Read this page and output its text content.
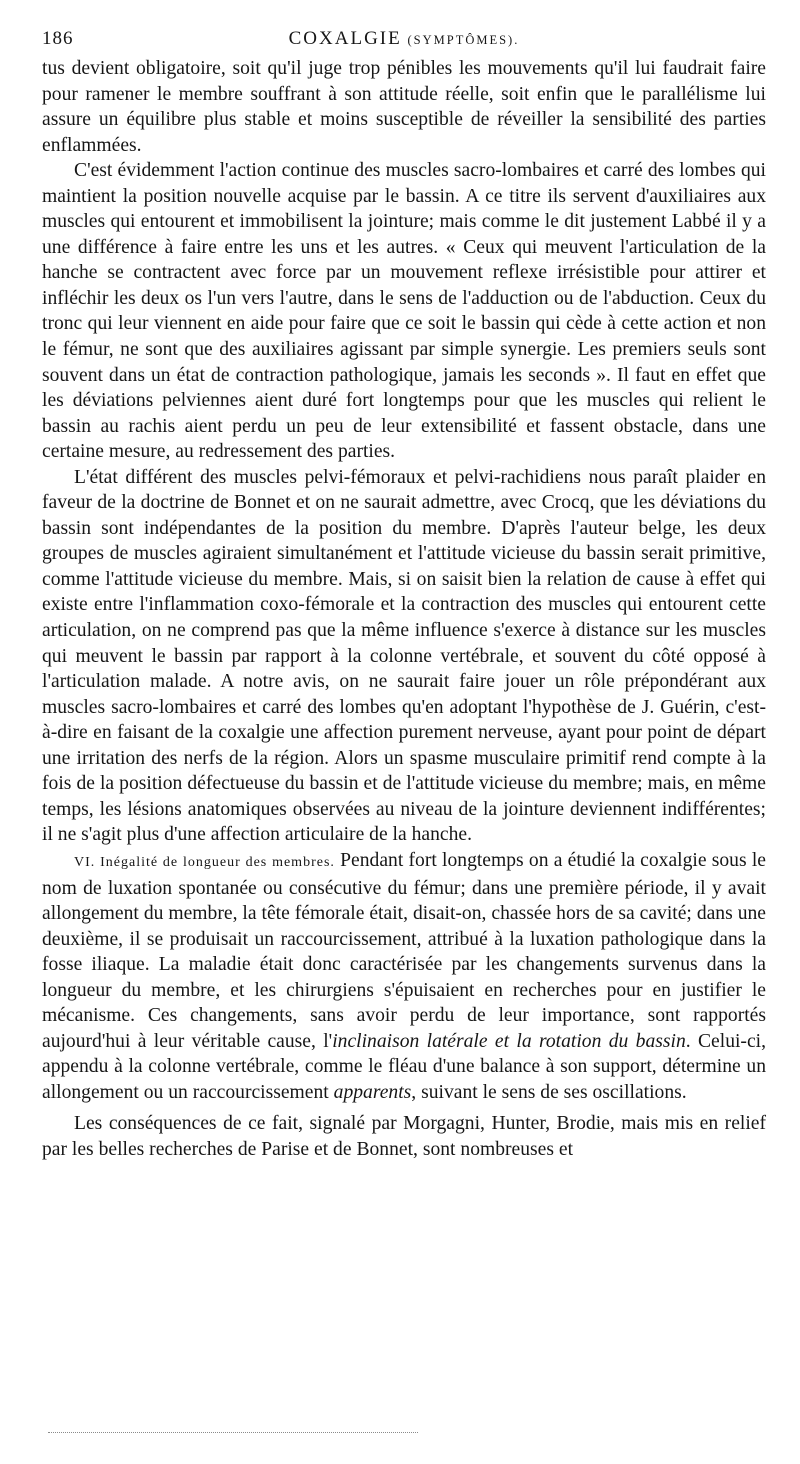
186	COXALGIE (SYMPTÔMES).

tus devient obligatoire, soit qu'il juge trop pénibles les mouvements qu'il lui faudrait faire pour ramener le membre souffrant à son attitude réelle, soit enfin que le parallélisme lui assure un équilibre plus stable et moins susceptible de réveiller la sensibilité des parties enflammées.

C'est évidemment l'action continue des muscles sacro-lombaires et carré des lombes qui maintient la position nouvelle acquise par le bassin. A ce titre ils servent d'auxiliaires aux muscles qui entourent et immobilisent la jointure; mais comme le dit justement Labbé il y a une différence à faire entre les uns et les autres. « Ceux qui meuvent l'articulation de la hanche se contractent avec force par un mouvement reflexe irrésistible pour attirer et infléchir les deux os l'un vers l'autre, dans le sens de l'adduction ou de l'abduction. Ceux du tronc qui leur viennent en aide pour faire que ce soit le bassin qui cède à cette action et non le fémur, ne sont que des auxiliaires agissant par simple synergie. Les premiers seuls sont souvent dans un état de contraction pathologique, jamais les seconds ». Il faut en effet que les déviations pelviennes aient duré fort longtemps pour que les muscles qui relient le bassin au rachis aient perdu un peu de leur extensibilité et fassent obstacle, dans une certaine mesure, au redressement des parties.

L'état différent des muscles pelvi-fémoraux et pelvi-rachidiens nous paraît plaider en faveur de la doctrine de Bonnet et on ne saurait admettre, avec Crocq, que les déviations du bassin sont indépendantes de la position du membre. D'après l'auteur belge, les deux groupes de muscles agiraient simultanément et l'attitude vicieuse du bassin serait primitive, comme l'attitude vicieuse du membre. Mais, si on saisit bien la relation de cause à effet qui existe entre l'inflammation coxo-fémorale et la contraction des muscles qui entourent cette articulation, on ne comprend pas que la même influence s'exerce à distance sur les muscles qui meuvent le bassin par rapport à la colonne vertébrale, et souvent du côté opposé à l'articulation malade. A notre avis, on ne saurait faire jouer un rôle prépondérant aux muscles sacro-lombaires et carré des lombes qu'en adoptant l'hypothèse de J. Guérin, c'est-à-dire en faisant de la coxalgie une affection purement nerveuse, ayant pour point de départ une irritation des nerfs de la région. Alors un spasme musculaire primitif rend compte à la fois de la position défectueuse du bassin et de l'attitude vicieuse du membre; mais, en même temps, les lésions anatomiques observées au niveau de la jointure deviennent indifférentes; il ne s'agit plus d'une affection articulaire de la hanche.

VI. Inégalité de longueur des membres. Pendant fort longtemps on a étudié la coxalgie sous le nom de luxation spontanée ou consécutive du fémur; dans une première période, il y avait allongement du membre, la tête fémorale était, disait-on, chassée hors de sa cavité; dans une deuxième, il se produisait un raccourcissement, attribué à la luxation pathologique dans la fosse iliaque. La maladie était donc caractérisée par les changements survenus dans la longueur du membre, et les chirurgiens s'épuisaient en recherches pour en justifier le mécanisme. Ces changements, sans avoir perdu de leur importance, sont rapportés aujourd'hui à leur véritable cause, l'inclinaison latérale et la rotation du bassin. Celui-ci, appendu à la colonne vertébrale, comme le fléau d'une balance à son support, détermine un allongement ou un raccourcissement apparents, suivant le sens de ses oscillations.

Les conséquences de ce fait, signalé par Morgagni, Hunter, Brodie, mais mis en relief par les belles recherches de Parise et de Bonnet, sont nombreuses et
